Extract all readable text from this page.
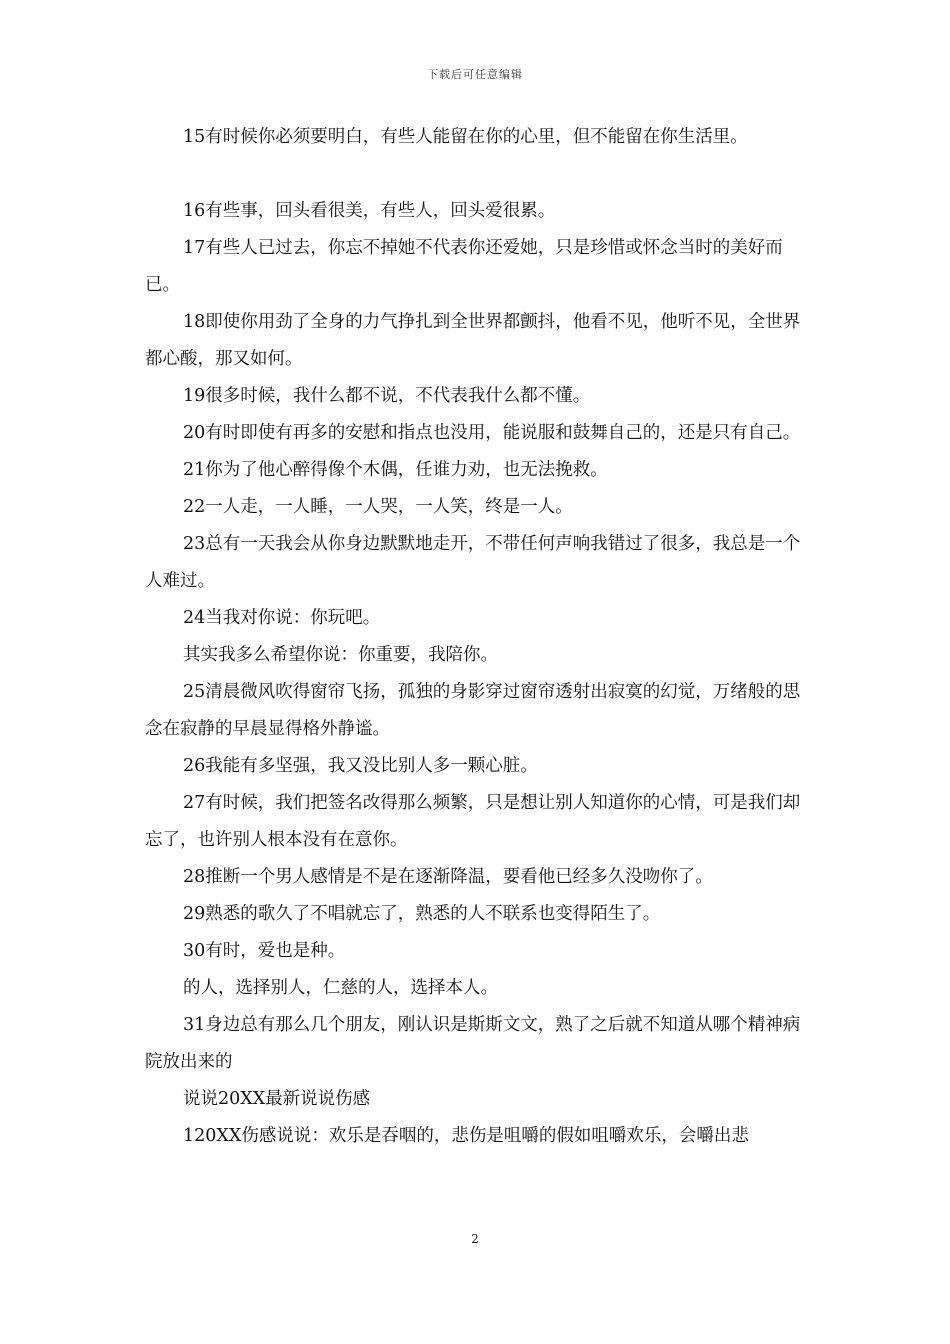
下载后可任意编辑

15有时候你必须要明白，有些人能留在你的心里，但不能留在你生活里。

16有些事，回头看很美，有些人，回头爱很累。

17有些人已过去，你忘不掉她不代表你还爱她，只是珍惜或怀念当时的美好而已。

18即使你用劲了全身的力气挣扎到全世界都颤抖，他看不见，他听不见，全世界都心酸，那又如何。

19很多时候，我什么都不说，不代表我什么都不懂。

20有时即使有再多的安慰和指点也没用，能说服和鼓舞自己的，还是只有自己。

21你为了他心醉得像个木偶，任谁力劝，也无法挽救。

22一人走，一人睡，一人哭，一人笑，终是一人。

23总有一天我会从你身边默默地走开，不带任何声响我错过了很多，我总是一个人难过。

24当我对你说：你玩吧。

其实我多么希望你说：你重要，我陪你。

25清晨微风吹得窗帘飞扬，孤独的身影穿过窗帘透射出寂寞的幻觉，万绪般的思念在寂静的早晨显得格外静谧。

26我能有多坚强，我又没比别人多一颗心脏。

27有时候，我们把签名改得那么频繁，只是想让别人知道你的心情，可是我们却忘了，也许别人根本没有在意你。

28推断一个男人感情是不是在逐渐降温，要看他已经多久没吻你了。

29熟悉的歌久了不唱就忘了，熟悉的人不联系也变得陌生了。

30有时，爱也是种。

的人，选择别人，仁慈的人，选择本人。

31身边总有那么几个朋友，刚认识是斯斯文文，熟了之后就不知道从哪个精神病院放出来的

说说20XX最新说说伤感

120XX伤感说说：欢乐是吞咽的，悲伤是咀嚼的假如咀嚼欢乐，会嚼出悲

2
